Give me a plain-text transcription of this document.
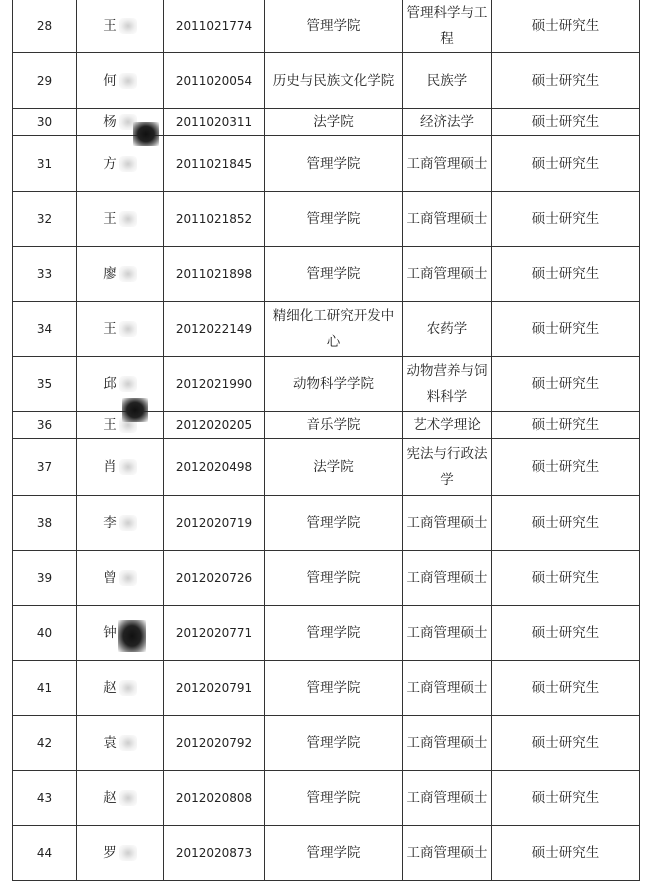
28	王	2011021774	管理学院	管理科学与工程	硕士研究生
29	何	2011020054	历史与民族文化学院	民族学	硕士研究生
30	杨	2011020311	法学院	经济法学	硕士研究生
31	方	2011021845	管理学院	工商管理硕士	硕士研究生
32	王	2011021852	管理学院	工商管理硕士	硕士研究生
33	廖	2011021898	管理学院	工商管理硕士	硕士研究生
34	王	2012022149	精细化工研究开发中心	农药学	硕士研究生
35	邱	2012021990	动物科学学院	动物营养与饲料科学	硕士研究生
36	王	2012020205	音乐学院	艺术学理论	硕士研究生
37	肖	2012020498	法学院	宪法与行政法学	硕士研究生
38	李	2012020719	管理学院	工商管理硕士	硕士研究生
39	曾	2012020726	管理学院	工商管理硕士	硕士研究生
40	钟	2012020771	管理学院	工商管理硕士	硕士研究生
41	赵	2012020791	管理学院	工商管理硕士	硕士研究生
42	袁	2012020792	管理学院	工商管理硕士	硕士研究生
43	赵	2012020808	管理学院	工商管理硕士	硕士研究生
44	罗	2012020873	管理学院	工商管理硕士	硕士研究生
